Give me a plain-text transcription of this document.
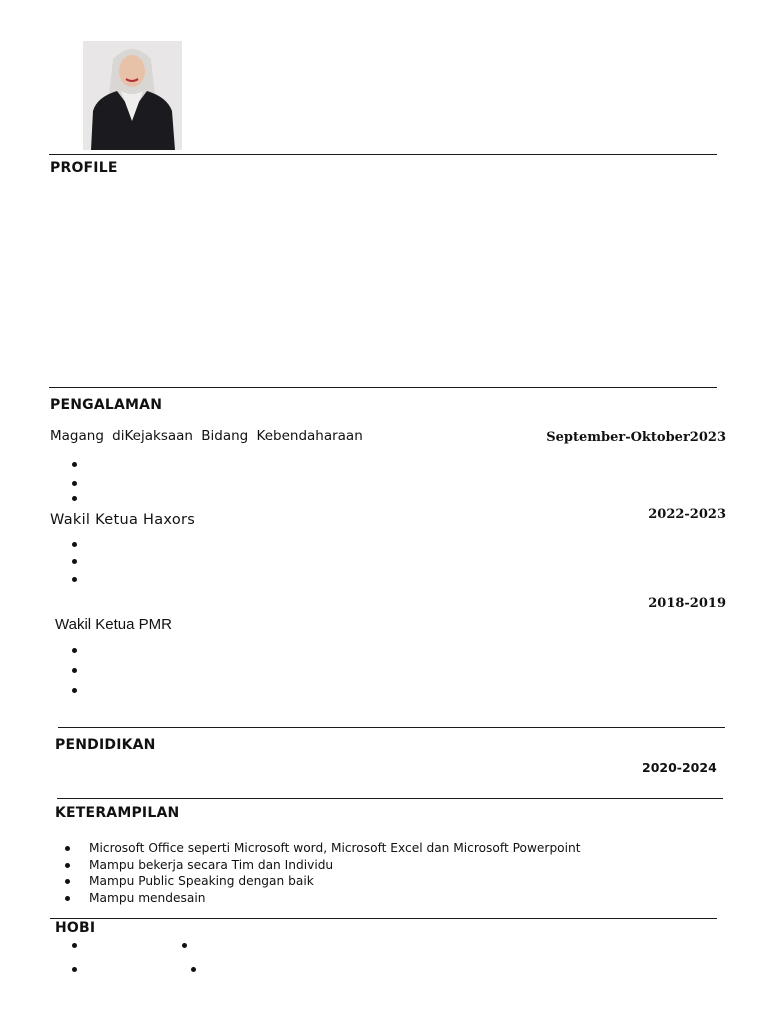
PROFILE
PENGALAMAN
Magang diKejaksaan Bidang Kebendaharaan	September-Oktober2023
Wakil Ketua Haxors	2022-2023
2018-2019
Wakil Ketua PMR
PENDIDIKAN
2020-2024
KETERAMPILAN
Microsoft Office seperti Microsoft word, Microsoft Excel dan Microsoft Powerpoint
Mampu bekerja secara Tim dan Individu
Mampu Public Speaking dengan baik
Mampu mendesain
HOBI
